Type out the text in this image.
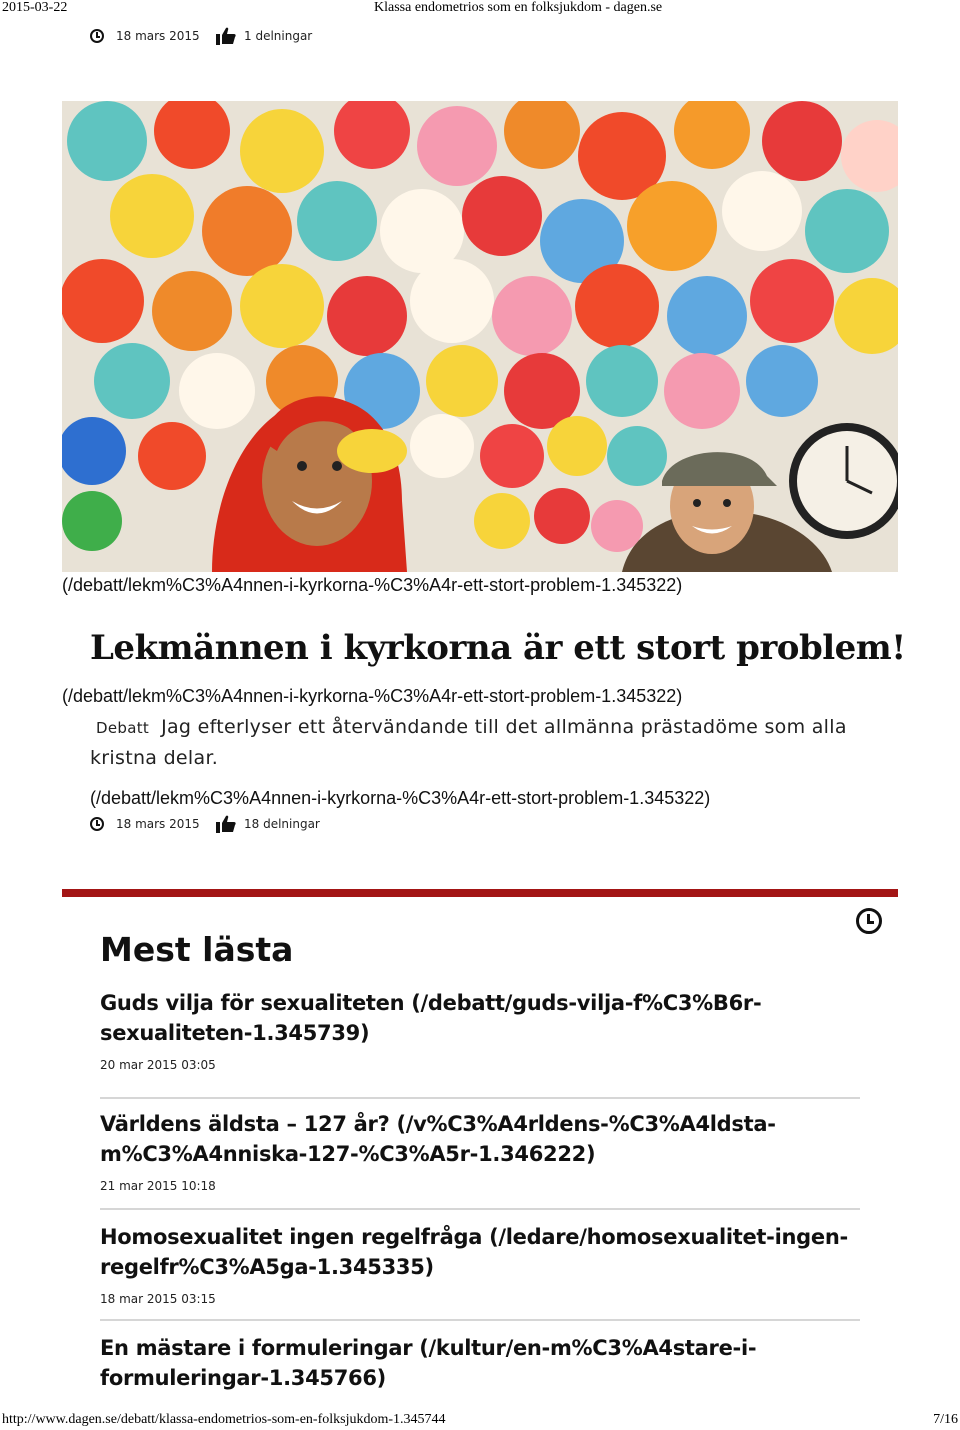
2015-03-22	Klassa endometrios som en folksjukdom - dagen.se
18 mars 2015	1 delningar
(/debatt/lekm%C3%A4nnen-i-kyrkorna-%C3%A4r-ett-stort-problem-1.345322)
Lekmännen i kyrkorna är ett stort problem!
(/debatt/lekm%C3%A4nnen-i-kyrkorna-%C3%A4r-ett-stort-problem-1.345322)
Debatt Jag efterlyser ett återvändande till det allmänna prästadöme som alla kristna delar.
(/debatt/lekm%C3%A4nnen-i-kyrkorna-%C3%A4r-ett-stort-problem-1.345322)
18 mars 2015	18 delningar
Mest lästa
Guds vilja för sexualiteten (/debatt/guds-vilja-f%C3%B6r-sexualiteten-1.345739)
20 mar 2015 03:05
Världens äldsta – 127 år? (/v%C3%A4rldens-%C3%A4ldsta-m%C3%A4nniska-127-%C3%A5r-1.346222)
21 mar 2015 10:18
Homosexualitet ingen regelfråga (/ledare/homosexualitet-ingen-regelfr%C3%A5ga-1.345335)
18 mar 2015 03:15
En mästare i formuleringar (/kultur/en-m%C3%A4stare-i-formuleringar-1.345766)
http://www.dagen.se/debatt/klassa-endometrios-som-en-folksjukdom-1.345744	7/16
